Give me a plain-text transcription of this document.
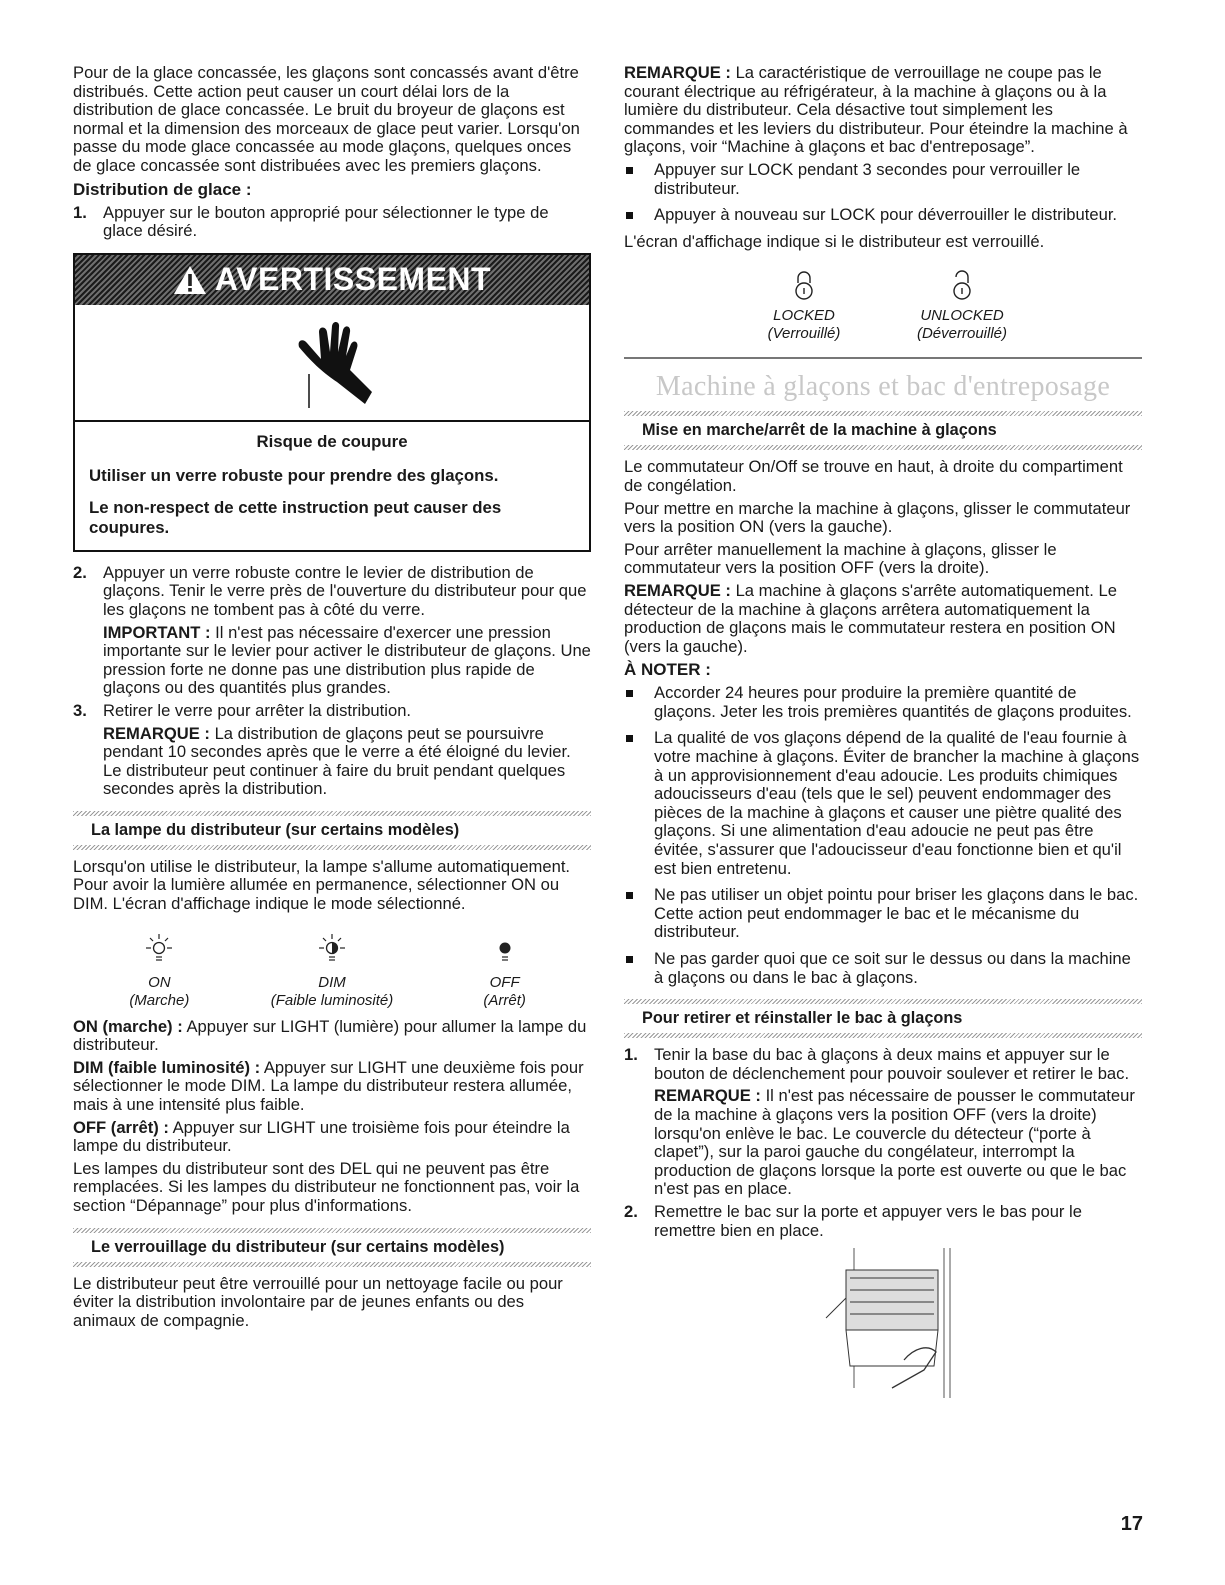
Pour de la glace concassée, les glaçons sont concassés avant d'être distribués. Cette action peut causer un court délai lors de la distribution de glace concassée. Le bruit du broyeur de glaçons est normal et la dimension des morceaux de glace peut varier. Lorsqu'on passe du mode glace concassée au mode glaçons, quelques onces de glace concassée sont distribuées avec les premiers glaçons.

Distribution de glace :
1. Appuyer sur le bouton approprié pour sélectionner le type de glace désiré.

AVERTISSEMENT
Risque de coupure
Utiliser un verre robuste pour prendre des glaçons.
Le non-respect de cette instruction peut causer des coupures.
2. Appuyer un verre robuste contre le levier de distribution de glaçons. Tenir le verre près de l'ouverture du distributeur pour que les glaçons ne tombent pas à côté du verre.

IMPORTANT : Il n'est pas nécessaire d'exercer une pression importante sur le levier pour activer le distributeur de glaçons. Une pression forte ne donne pas une distribution plus rapide de glaçons ou des quantités plus grandes.

3. Retirer le verre pour arrêter la distribution.

REMARQUE : La distribution de glaçons peut se poursuivre pendant 10 secondes après que le verre a été éloigné du levier. Le distributeur peut continuer à faire du bruit pendant quelques secondes après la distribution.

La lampe du distributeur (sur certains modèles)

Lorsqu'on utilise le distributeur, la lampe s'allume automatiquement. Pour avoir la lumière allumée en permanence, sélectionner ON ou DIM. L'écran d'affichage indique le mode sélectionné.

ON
(Marche)
DIM
(Faible luminosité)
OFF
(Arrêt)

ON (marche) : Appuyer sur LIGHT (lumière) pour allumer la lampe du distributeur.

DIM (faible luminosité) : Appuyer sur LIGHT une deuxième fois pour sélectionner le mode DIM. La lampe du distributeur restera allumée, mais à une intensité plus faible.

OFF (arrêt) : Appuyer sur LIGHT une troisième fois pour éteindre la lampe du distributeur.

Les lampes du distributeur sont des DEL qui ne peuvent pas être remplacées. Si les lampes du distributeur ne fonctionnent pas, voir la section “Dépannage” pour plus d'informations.

Le verrouillage du distributeur (sur certains modèles)

Le distributeur peut être verrouillé pour un nettoyage facile ou pour éviter la distribution involontaire par de jeunes enfants ou des animaux de compagnie.

REMARQUE : La caractéristique de verrouillage ne coupe pas le courant électrique au réfrigérateur, à la machine à glaçons ou à la lumière du distributeur. Cela désactive tout simplement les commandes et les leviers du distributeur. Pour éteindre la machine à glaçons, voir “Machine à glaçons et bac d'entreposage”.

Appuyer sur LOCK pendant 3 secondes pour verrouiller le distributeur.
Appuyer à nouveau sur LOCK pour déverrouiller le distributeur.

L'écran d'affichage indique si le distributeur est verrouillé.

LOCKED
(Verrouillé)
UNLOCKED
(Déverrouillé)
Machine à glaçons et bac d'entreposage
Mise en marche/arrêt de la machine à glaçons

Le commutateur On/Off se trouve en haut, à droite du compartiment de congélation.

Pour mettre en marche la machine à glaçons, glisser le commutateur vers la position ON (vers la gauche).

Pour arrêter manuellement la machine à glaçons, glisser le commutateur vers la position OFF (vers la droite).

REMARQUE : La machine à glaçons s'arrête automatiquement. Le détecteur de la machine à glaçons arrêtera automatiquement la production de glaçons mais le commutateur restera en position ON (vers la gauche).

À NOTER :
Accorder 24 heures pour produire la première quantité de glaçons. Jeter les trois premières quantités de glaçons produites.
La qualité de vos glaçons dépend de la qualité de l'eau fournie à votre machine à glaçons. Éviter de brancher la machine à glaçons à un approvisionnement d'eau adoucie. Les produits chimiques adoucisseurs d'eau (tels que le sel) peuvent endommager des pièces de la machine à glaçons et causer une piètre qualité des glaçons. Si une alimentation d'eau adoucie ne peut pas être évitée, s'assurer que l'adoucisseur d'eau fonctionne bien et qu'il est bien entretenu.
Ne pas utiliser un objet pointu pour briser les glaçons dans le bac. Cette action peut endommager le bac et le mécanisme du distributeur.
Ne pas garder quoi que ce soit sur le dessus ou dans la machine à glaçons ou dans le bac à glaçons.
Pour retirer et réinstaller le bac à glaçons
1. Tenir la base du bac à glaçons à deux mains et appuyer sur le bouton de déclenchement pour pouvoir soulever et retirer le bac.

REMARQUE : Il n'est pas nécessaire de pousser le commutateur de la machine à glaçons vers la position OFF (vers la droite) lorsqu'on enlève le bac. Le couvercle du détecteur (“porte à clapet”), sur la paroi gauche du congélateur, interrompt la production de glaçons lorsque la porte est ouverte ou que le bac n'est pas en place.

2. Remettre le bac sur la porte et appuyer vers le bas pour le remettre bien en place.

17
